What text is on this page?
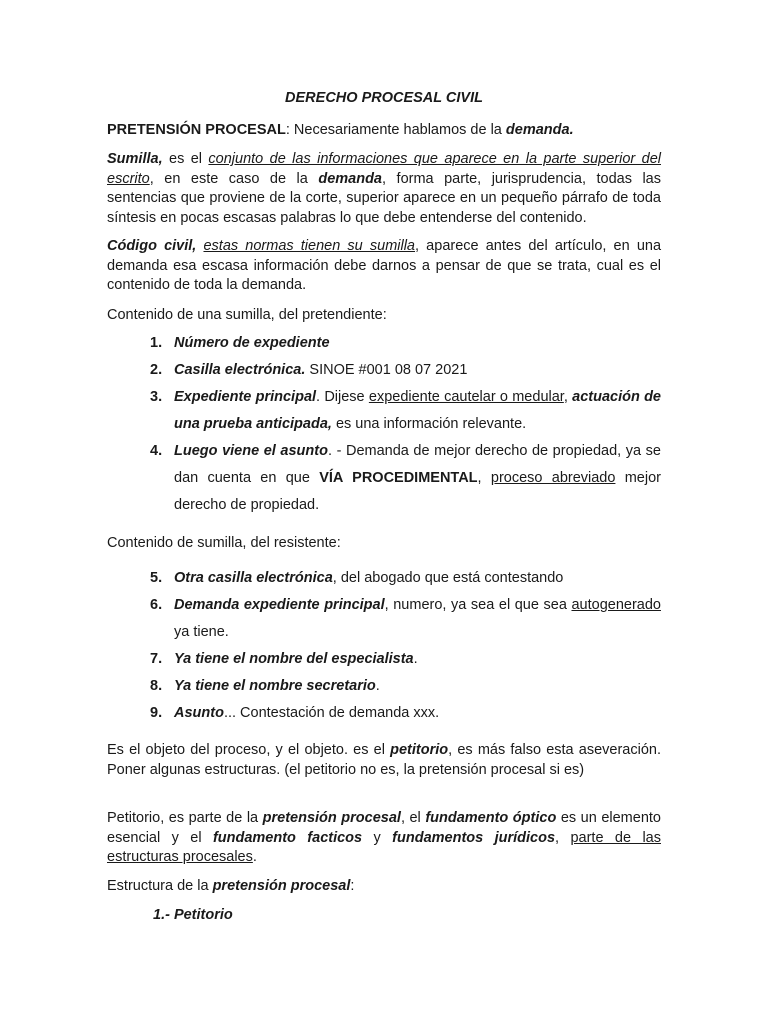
DERECHO PROCESAL CIVIL

PRETENSIÓN PROCESAL: Necesariamente hablamos de la demanda.

Sumilla, es el conjunto de las informaciones que aparece en la parte superior del escrito, en este caso de la demanda, forma parte, jurisprudencia, todas las sentencias que proviene de la corte, superior aparece en un pequeño párrafo de toda síntesis en pocas escasas palabras lo que debe entenderse del contenido.

Código civil, estas normas tienen su sumilla, aparece antes del artículo, en una demanda esa escasa información debe darnos a pensar de que se trata, cual es el contenido de toda la demanda.

Contenido de una sumilla, del pretendiente:

1. Número de expediente
2. Casilla electrónica. SINOE #001 08 07 2021
3. Expediente principal. Dijese expediente cautelar o medular, actuación de una prueba anticipada, es una información relevante.
4. Luego viene el asunto. - Demanda de mejor derecho de propiedad, ya se dan cuenta en que VÍA PROCEDIMENTAL, proceso abreviado mejor derecho de propiedad.

Contenido de sumilla, del resistente:

5. Otra casilla electrónica, del abogado que está contestando
6. Demanda expediente principal, numero, ya sea el que sea autogenerado ya tiene.
7. Ya tiene el nombre del especialista.
8. Ya tiene el nombre secretario.
9. Asunto... Contestación de demanda xxx.

Es el objeto del proceso, y el objeto. es el petitorio, es más falso esta aseveración. Poner algunas estructuras. (el petitorio no es, la pretensión procesal si es)

Petitorio, es parte de la pretensión procesal, el fundamento óptico es un elemento esencial y el fundamento facticos y fundamentos jurídicos, parte de las estructuras procesales.

Estructura de la pretensión procesal:

1.- Petitorio
